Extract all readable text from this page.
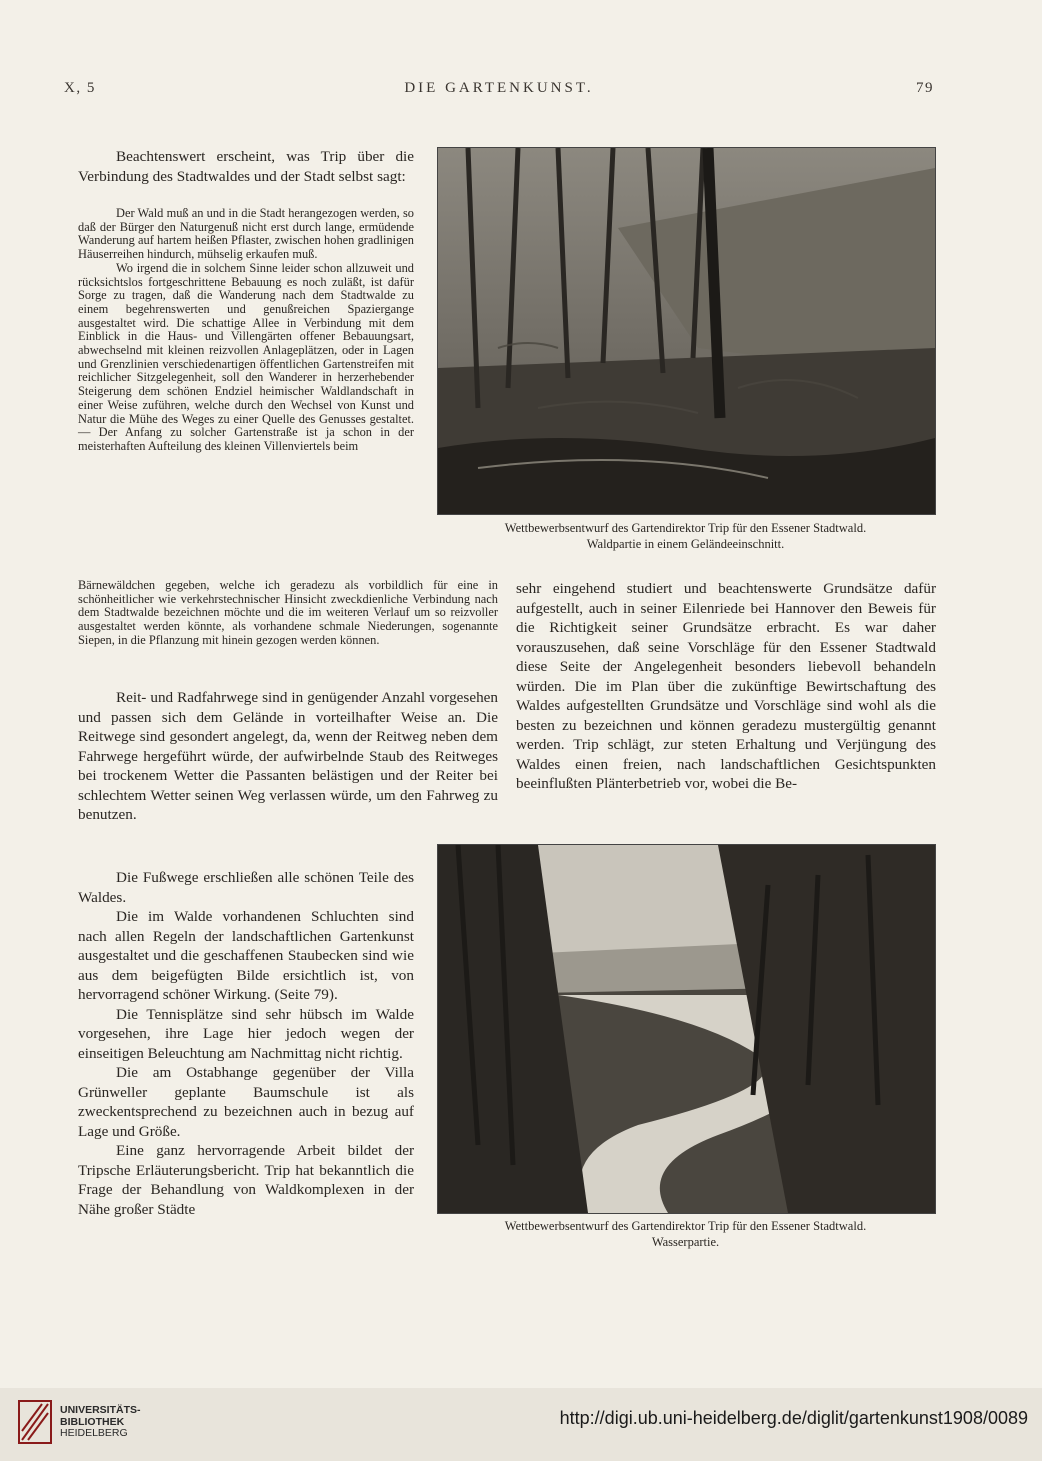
X, 5	DIE GARTENKUNST.	79

Beachtenswert erscheint, was Trip über die Verbindung des Stadtwaldes und der Stadt selbst sagt:

Der Wald muß an und in die Stadt herangezogen werden, so daß der Bürger den Naturgenuß nicht erst durch lange, ermüdende Wanderung auf hartem heißen Pflaster, zwischen hohen gradlinigen Häuserreihen hindurch, mühselig erkaufen muß.

Wo irgend die in solchem Sinne leider schon allzuweit und rücksichtslos fortgeschrittene Bebauung es noch zuläßt, ist dafür Sorge zu tragen, daß die Wanderung nach dem Stadtwalde zu einem begehrenswerten und genußreichen Spaziergange ausgestaltet wird. Die schattige Allee in Verbindung mit dem Einblick in die Haus- und Villengärten offener Bebauungsart, abwechselnd mit kleinen reizvollen Anlageplätzen, oder in Lagen und Grenzlinien verschiedenartigen öffentlichen Gartenstreifen mit reichlicher Sitzgelegenheit, soll den Wanderer in herzerhebender Steigerung dem schönen Endziel heimischer Waldlandschaft in einer Weise zuführen, welche durch den Wechsel von Kunst und Natur die Mühe des Weges zu einer Quelle des Genusses gestaltet. — Der Anfang zu solcher Gartenstraße ist ja schon in der meisterhaften Aufteilung des kleinen Villenviertels beim

Bärnewäldchen gegeben, welche ich geradezu als vorbildlich für eine in schönheitlicher wie verkehrstechnischer Hinsicht zweckdienliche Verbindung nach dem Stadtwalde bezeichnen möchte und die im weiteren Verlauf um so reizvoller ausgestaltet werden könnte, als vorhandene schmale Niederungen, sogenannte Siepen, in die Pflanzung mit hinein gezogen werden können.

Reit- und Radfahrwege sind in genügender Anzahl vorgesehen und passen sich dem Gelände in vorteilhafter Weise an. Die Reitwege sind gesondert angelegt, da, wenn der Reitweg neben dem Fahrwege hergeführt würde, der aufwirbelnde Staub des Reitweges bei trockenem Wetter die Passanten belästigen und der Reiter bei schlechtem Wetter seinen Weg verlassen würde, um den Fahrweg zu benutzen.

Die Fußwege erschließen alle schönen Teile des Waldes.

Die im Walde vorhandenen Schluchten sind nach allen Regeln der landschaftlichen Gartenkunst ausgestaltet und die geschaffenen Staubecken sind wie aus dem beigefügten Bilde ersichtlich ist, von hervorragend schöner Wirkung. (Seite 79).

Die Tennisplätze sind sehr hübsch im Walde vorgesehen, ihre Lage hier jedoch wegen der einseitigen Beleuchtung am Nachmittag nicht richtig.

Die am Ostabhange gegenüber der Villa Grünweller geplante Baumschule ist als zweckentsprechend zu bezeichnen auch in bezug auf Lage und Größe.

Eine ganz hervorragende Arbeit bildet der Tripsche Erläuterungsbericht. Trip hat bekanntlich die Frage der Behandlung von Waldkomplexen in der Nähe großer Städte

sehr eingehend studiert und beachtenswerte Grundsätze dafür aufgestellt, auch in seiner Eilenriede bei Hannover den Beweis für die Richtigkeit seiner Grundsätze erbracht. Es war daher vorauszusehen, daß seine Vorschläge für den Essener Stadtwald diese Seite der Angelegenheit besonders liebevoll behandeln würden. Die im Plan über die zukünftige Bewirtschaftung des Waldes aufgestellten Grundsätze und Vorschläge sind wohl als die besten zu bezeichnen und können geradezu mustergültig genannt werden. Trip schlägt, zur steten Erhaltung und Verjüngung des Waldes einen freien, nach landschaftlichen Gesichtspunkten beeinflußten Plänterbetrieb vor, wobei die Be-

Wettbewerbsentwurf des Gartendirektor Trip für den Essener Stadtwald.
Waldpartie in einem Geländeeinschnitt.
Wettbewerbsentwurf des Gartendirektor Trip für den Essener Stadtwald.
Wasserpartie.
UNIVERSITÄTS-
BIBLIOTHEK
HEIDELBERG
http://digi.ub.uni-heidelberg.de/diglit/gartenkunst1908/0089
